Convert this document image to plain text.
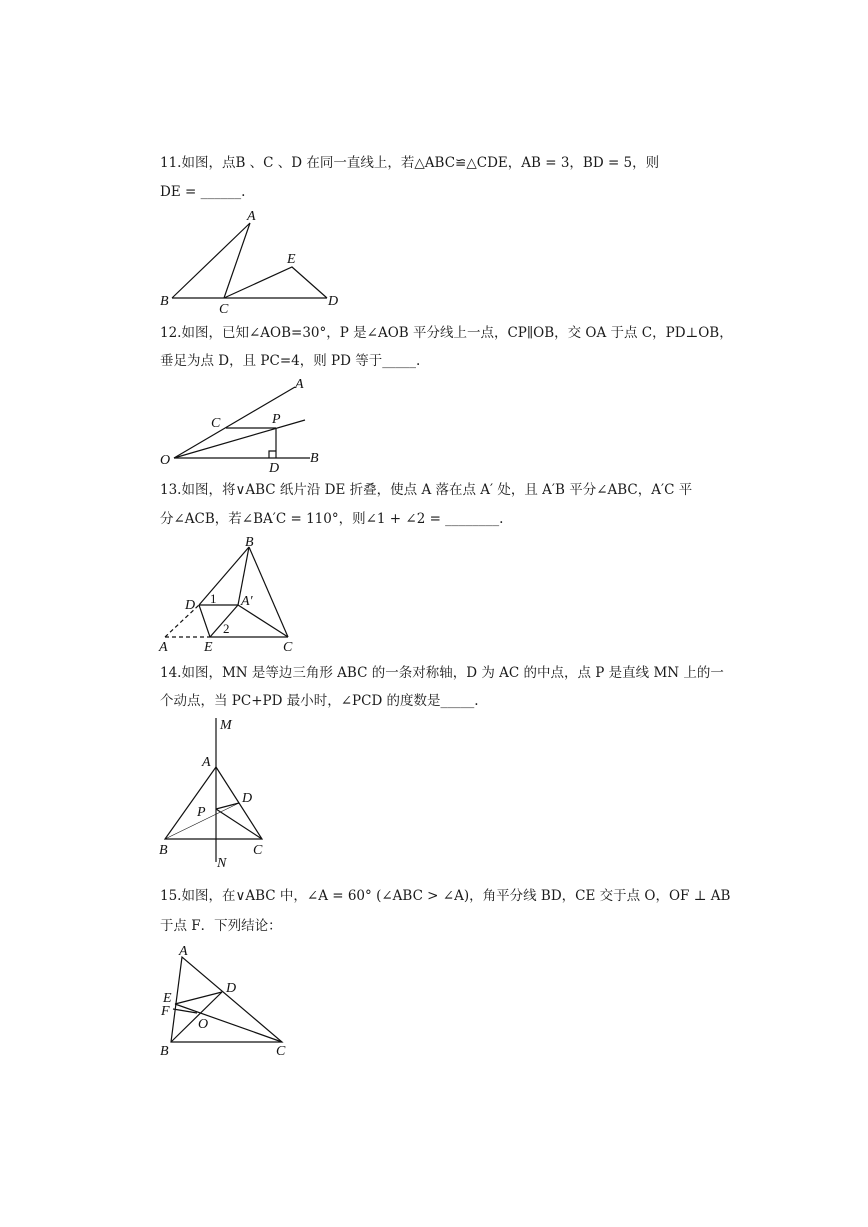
11.如图，点B 、C 、D 在同一直线上，若△ABC≌△CDE，AB = 3，BD = 5，则
DE = ______.
A
B
C
D
E
12.如图，已知∠AOB=30°，P 是∠AOB 平分线上一点，CP∥OB，交 OA 于点 C，PD⊥OB，
垂足为点 D，且 PC=4，则 PD 等于_____.
A
C	P
O
D
B
13.如图，将∨ABC 纸片沿 DE 折叠，使点 A 落在点 A′ 处，且 A′B 平分∠ABC，A′C 平
分∠ACB，若∠BA′C = 110°，则∠1 + ∠2 = ________.
B
D 1 A′
2
A	E	C
14.如图，MN 是等边三角形 ABC 的一条对称轴，D 为 AC 的中点，点 P 是直线 MN 上的一
个动点，当 PC+PD 最小时，∠PCD 的度数是_____.
M
A
D
P
B	C
N
15.如图，在∨ABC 中，∠A = 60° (∠ABC > ∠A)，角平分线 BD，CE 交于点 O，OF ⊥ AB
于点 F．下列结论：
A
D
E
F
O
B	C
